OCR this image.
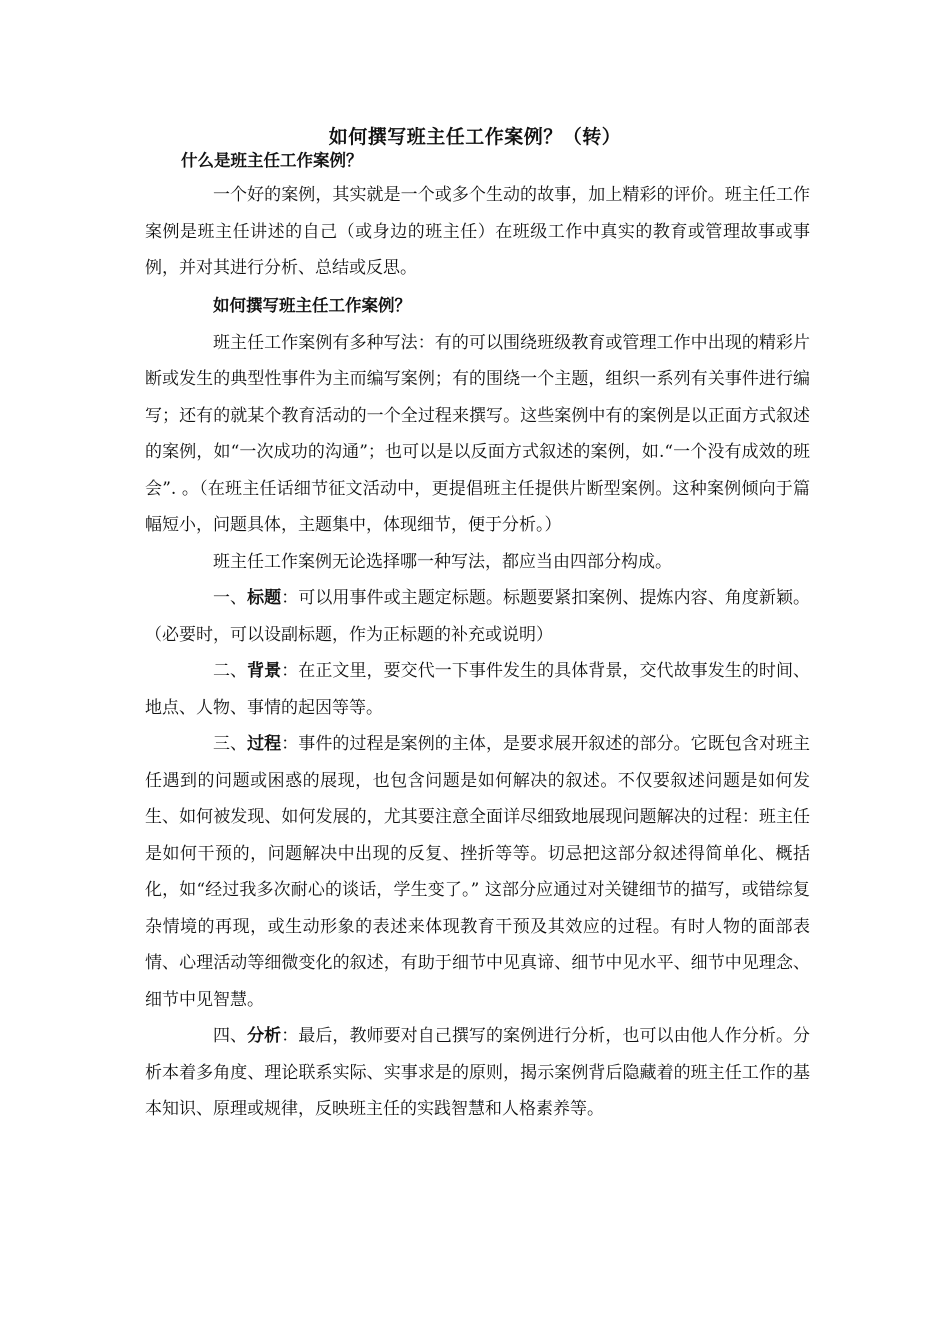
如何撰写班主任工作案例？（转）
什么是班主任工作案例？

一个好的案例，其实就是一个或多个生动的故事，加上精彩的评价。班主任工作案例是班主任讲述的自己（或身边的班主任）在班级工作中真实的教育或管理故事或事例，并对其进行分析、总结或反思。

如何撰写班主任工作案例？

班主任工作案例有多种写法：有的可以围绕班级教育或管理工作中出现的精彩片断或发生的典型性事件为主而编写案例；有的围绕一个主题，组织一系列有关事件进行编写；还有的就某个教育活动的一个全过程来撰写。这些案例中有的案例是以正面方式叙述的案例，如“一次成功的沟通”；也可以是以反面方式叙述的案例，如.“一个没有成效的班会”. 。（在班主任话细节征文活动中，更提倡班主任提供片断型案例。这种案例倾向于篇幅短小，问题具体，主题集中，体现细节，便于分析。）

班主任工作案例无论选择哪一种写法，都应当由四部分构成。

一、标题：可以用事件或主题定标题。标题要紧扣案例、提炼内容、角度新颖。（必要时，可以设副标题，作为正标题的补充或说明）

二、背景：在正文里，要交代一下事件发生的具体背景，交代故事发生的时间、地点、人物、事情的起因等等。

三、过程：事件的过程是案例的主体，是要求展开叙述的部分。它既包含对班主任遇到的问题或困惑的展现，也包含问题是如何解决的叙述。不仅要叙述问题是如何发生、如何被发现、如何发展的，尤其要注意全面详尽细致地展现问题解决的过程：班主任是如何干预的，问题解决中出现的反复、挫折等等。切忌把这部分叙述得简单化、概括化，如“经过我多次耐心的谈话，学生变了。” 这部分应通过对关键细节的描写，或错综复杂情境的再现，或生动形象的表述来体现教育干预及其效应的过程。有时人物的面部表情、心理活动等细微变化的叙述，有助于细节中见真谛、细节中见水平、细节中见理念、细节中见智慧。

四、分析：最后，教师要对自己撰写的案例进行分析，也可以由他人作分析。分析本着多角度、理论联系实际、实事求是的原则，揭示案例背后隐藏着的班主任工作的基本知识、原理或规律，反映班主任的实践智慧和人格素养等。
